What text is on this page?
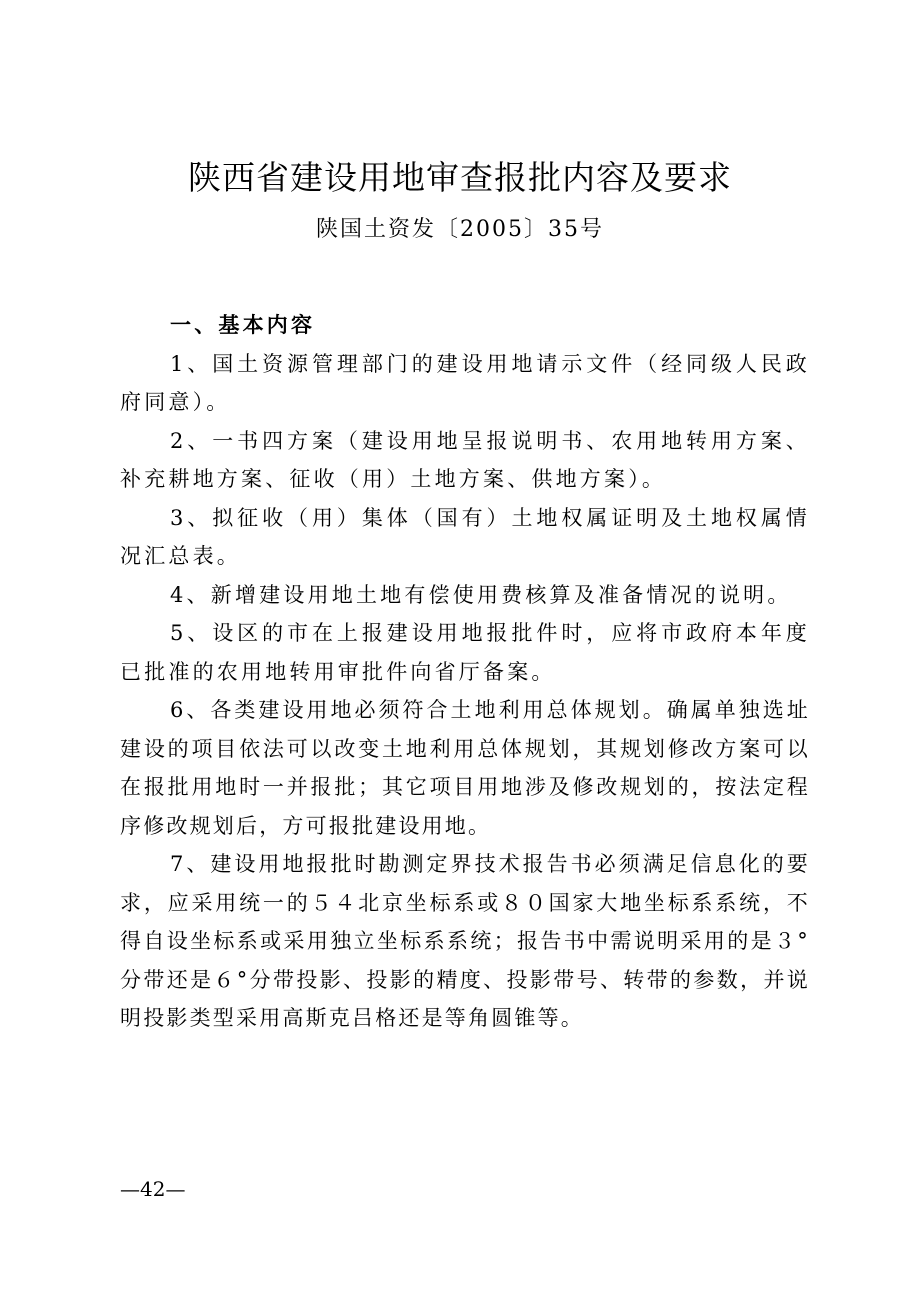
陕西省建设用地审查报批内容及要求
陕国土资发〔2005〕35号

一、基本内容

1、国土资源管理部门的建设用地请示文件（经同级人民政府同意）。

2、一书四方案（建设用地呈报说明书、农用地转用方案、补充耕地方案、征收（用）土地方案、供地方案）。

3、拟征收（用）集体（国有）土地权属证明及土地权属情况汇总表。

4、新增建设用地土地有偿使用费核算及准备情况的说明。

5、设区的市在上报建设用地报批件时，应将市政府本年度已批准的农用地转用审批件向省厅备案。

6、各类建设用地必须符合土地利用总体规划。确属单独选址建设的项目依法可以改变土地利用总体规划，其规划修改方案可以在报批用地时一并报批；其它项目用地涉及修改规划的，按法定程序修改规划后，方可报批建设用地。

7、建设用地报批时勘测定界技术报告书必须满足信息化的要求，应采用统一的５４北京坐标系或８０国家大地坐标系系统，不得自设坐标系或采用独立坐标系系统；报告书中需说明采用的是３°分带还是６°分带投影、投影的精度、投影带号、转带的参数，并说明投影类型采用高斯克吕格还是等角圆锥等。

—42—
